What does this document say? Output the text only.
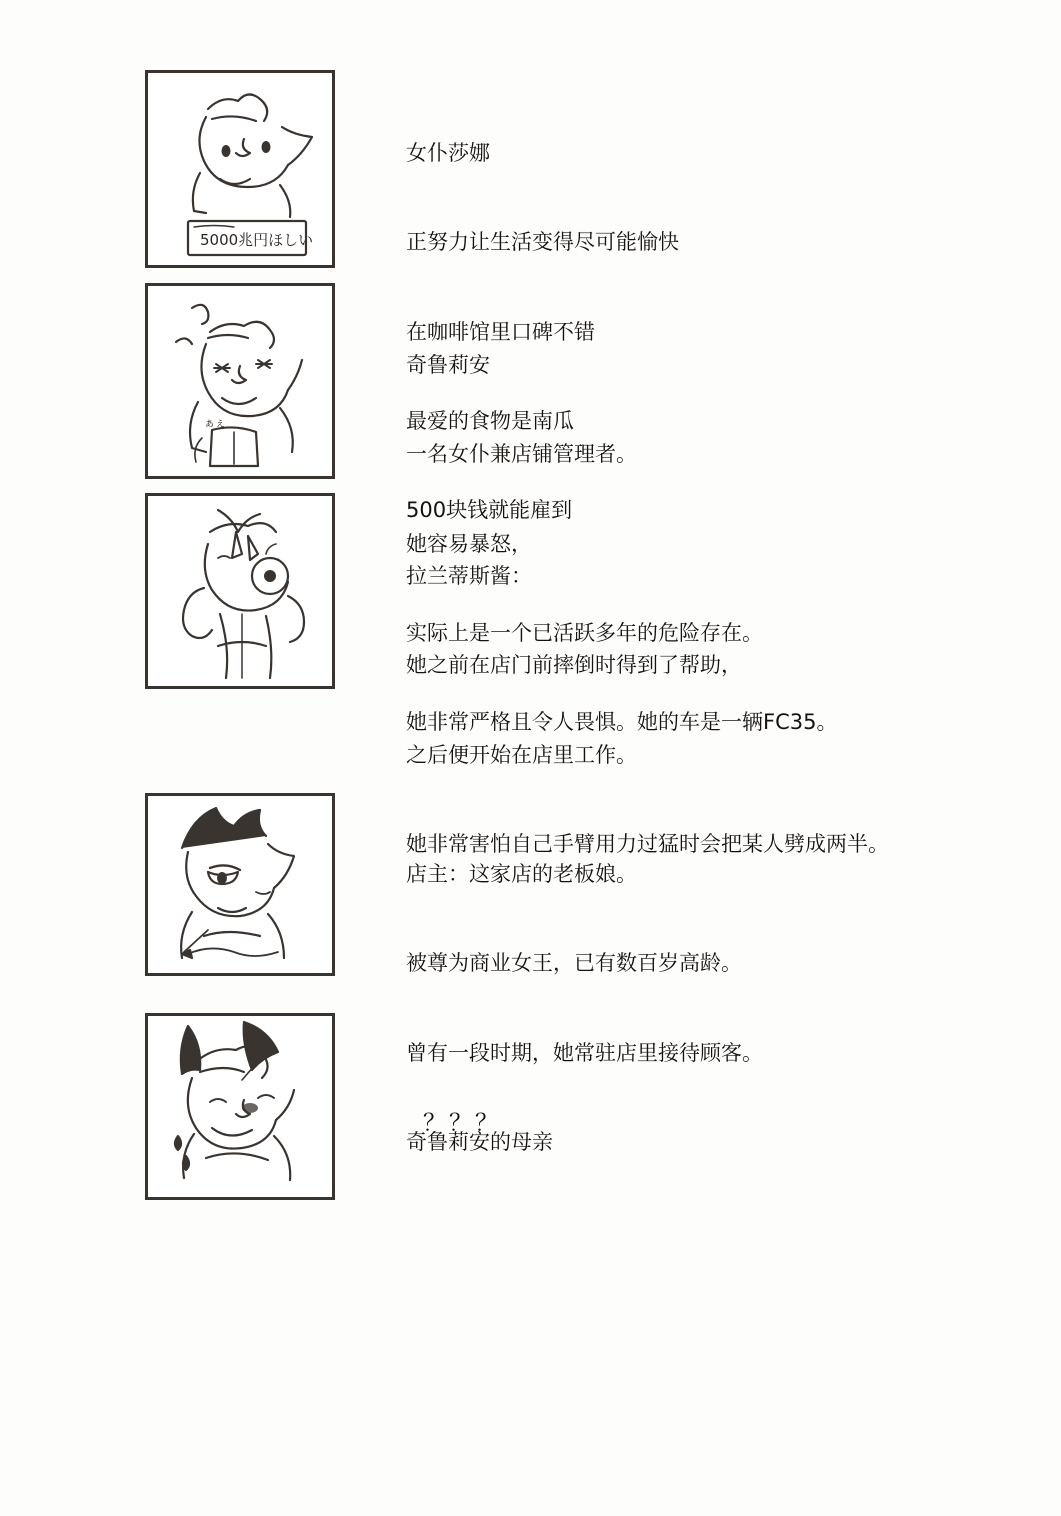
5000兆円ほしい

女仆莎娜

正努力让生活变得尽可能愉快

在咖啡馆里口碑不错

最爱的食物是南瓜

500块钱就能雇到

ぁぇ

奇鲁莉安

一名女仆兼店铺管理者。

她容易暴怒，

实际上是一个已活跃多年的危险存在。

她非常严格且令人畏惧。她的车是一辆FC35。

拉兰蒂斯酱：

她之前在店门前摔倒时得到了帮助，

之后便开始在店里工作。

她非常害怕自己手臂用力过猛时会把某人劈成两半。

店主：这家店的老板娘。

被尊为商业女王，已有数百岁高龄。

曾有一段时期，她常驻店里接待顾客。

奇鲁莉安的母亲

？？？
